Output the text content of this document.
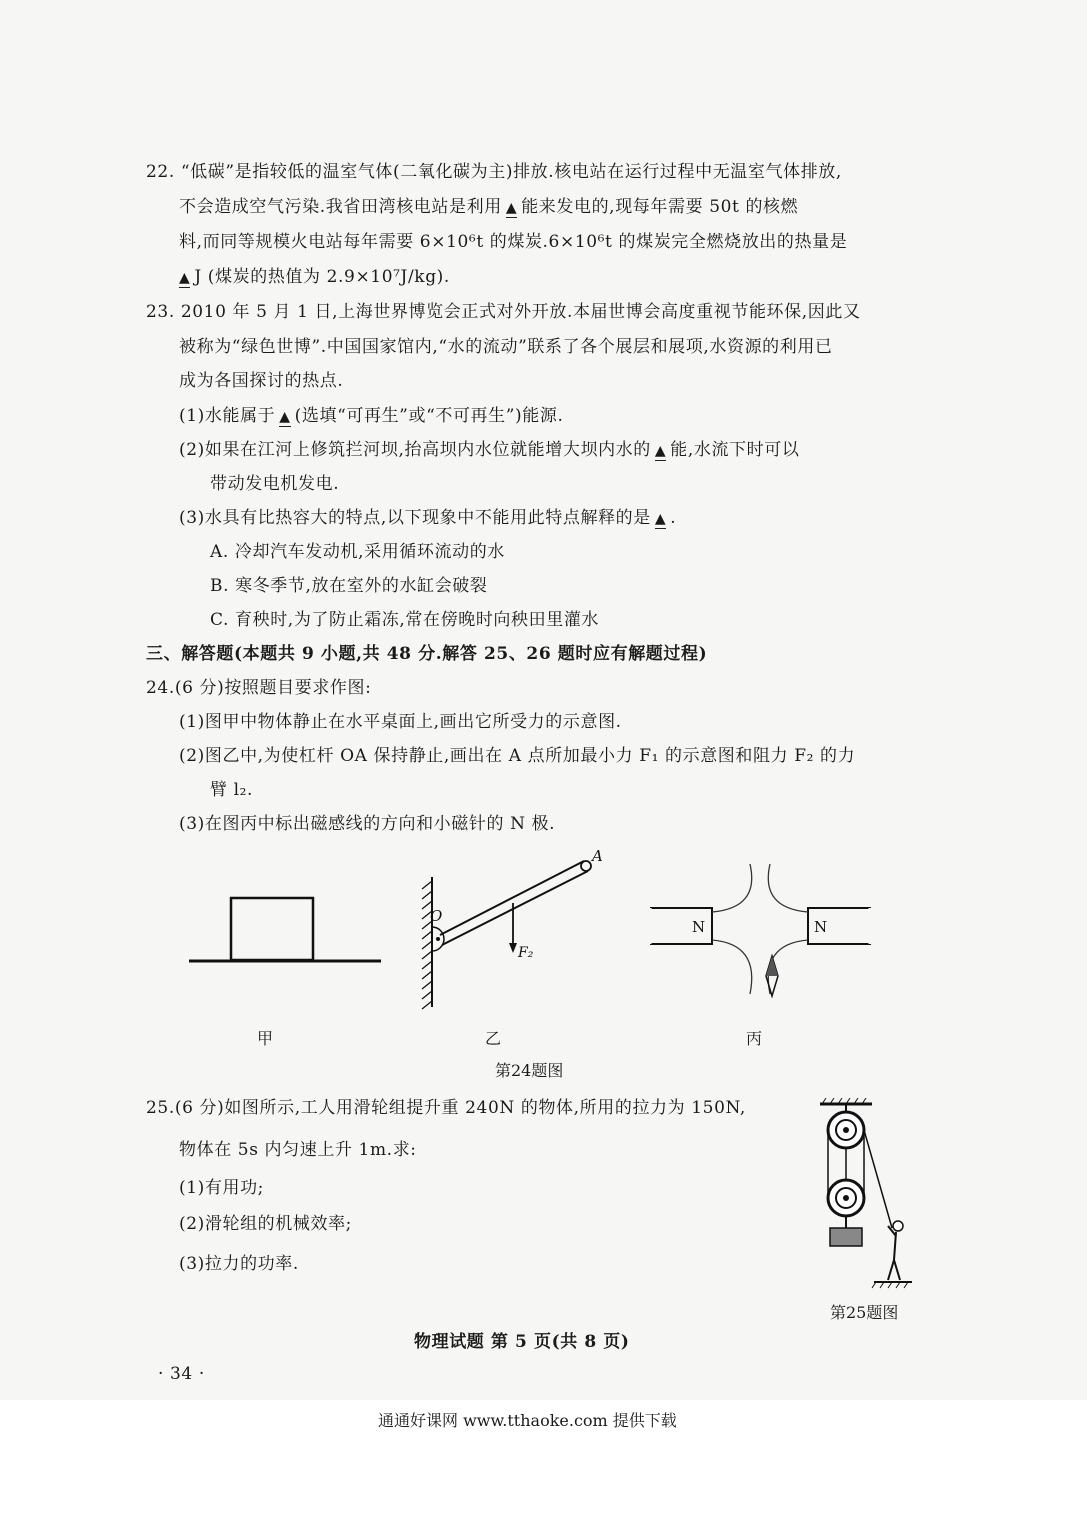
22. “低碳”是指较低的温室气体(二氧化碳为主)排放.核电站在运行过程中无温室气体排放,
不会造成空气污染.我省田湾核电站是利用 ▲ 能来发电的,现每年需要 50t 的核燃
料,而同等规模火电站每年需要 6×10⁶t 的煤炭.6×10⁶t 的煤炭完全燃烧放出的热量是
▲ J (煤炭的热值为 2.9×10⁷J/kg).
23. 2010 年 5 月 1 日,上海世界博览会正式对外开放.本届世博会高度重视节能环保,因此又
被称为“绿色世博”.中国国家馆内,“水的流动”联系了各个展层和展项,水资源的利用已
成为各国探讨的热点.
(1)水能属于 ▲ (选填“可再生”或“不可再生”)能源.
(2)如果在江河上修筑拦河坝,抬高坝内水位就能增大坝内水的 ▲ 能,水流下时可以
带动发电机发电.
(3)水具有比热容大的特点,以下现象中不能用此特点解释的是 ▲ .
A. 冷却汽车发动机,采用循环流动的水
B. 寒冬季节,放在室外的水缸会破裂
C. 育秧时,为了防止霜冻,常在傍晚时向秧田里灌水
三、解答题(本题共 9 小题,共 48 分.解答 25、26 题时应有解题过程)
24.(6 分)按照题目要求作图:
(1)图甲中物体静止在水平桌面上,画出它所受力的示意图.
(2)图乙中,为使杠杆 OA 保持静止,画出在 A 点所加最小力 F₁ 的示意图和阻力 F₂ 的力
臂 l₂.
(3)在图丙中标出磁感线的方向和小磁针的 N 极.
O
A
F₂
N	N
甲	乙	丙
第24题图
25.(6 分)如图所示,工人用滑轮组提升重 240N 的物体,所用的拉力为 150N,
物体在 5s 内匀速上升 1m.求:
(1)有用功;
(2)滑轮组的机械效率;
(3)拉力的功率.
第25题图
物理试题 第 5 页(共 8 页)
· 34 ·
通通好课网 www.tthaoke.com 提供下载
